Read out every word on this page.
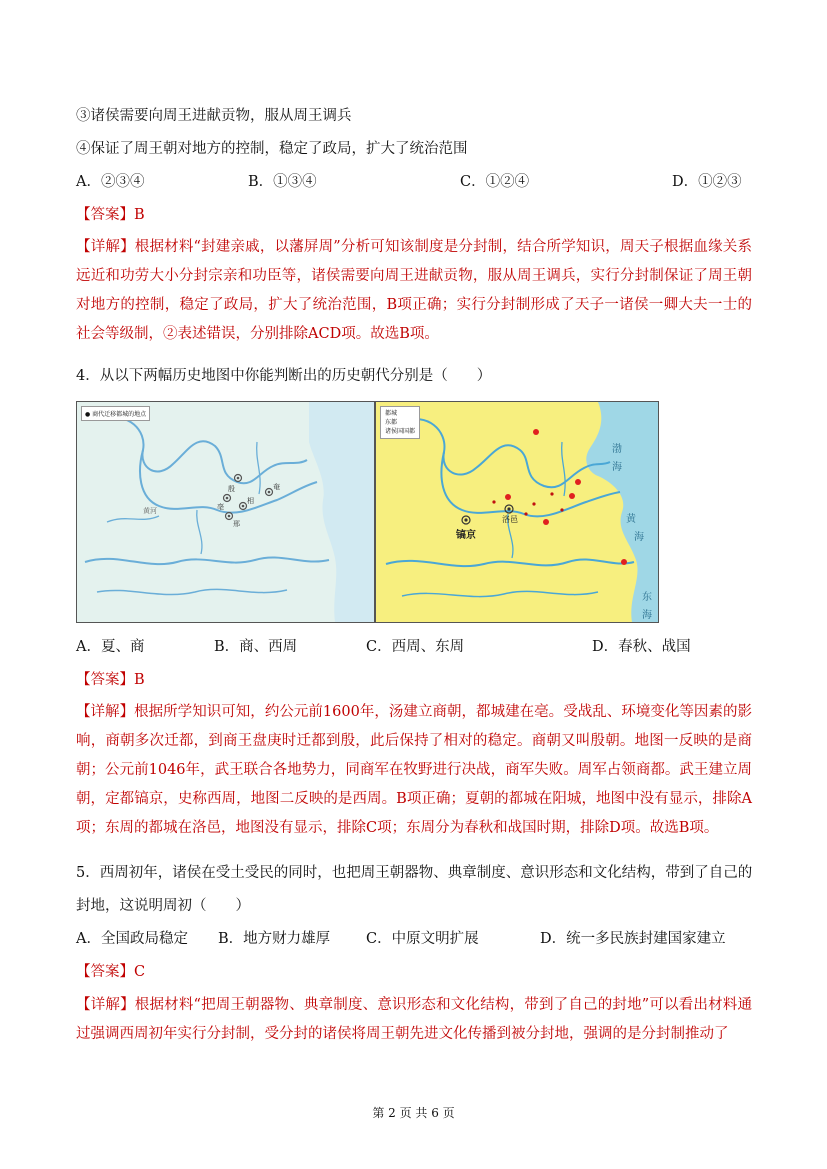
③诸侯需要向周王进献贡物，服从周王调兵
④保证了周王朝对地方的控制，稳定了政局，扩大了统治范围
A．②③④	B．①③④	C．①②④	D．①②③
【答案】B
【详解】根据材料“封建亲戚，以藩屏周”分析可知该制度是分封制，结合所学知识，周天子根据血缘关系远近和功劳大小分封宗亲和功臣等，诸侯需要向周王进献贡物，服从周王调兵，实行分封制保证了周王朝对地方的控制，稳定了政局，扩大了统治范围，B项正确；实行分封制形成了天子一诸侯一卿大夫一士的社会等级制，②表述错误，分别排除ACD项。故选B项。
4．从以下两幅历史地图中你能判断出的历史朝代分别是（　　）
● 商代迁移都城的地点
殷
亳
相
邢
奄
黄河
都城
东都
诸侯国国都
镐京
洛邑
渤
海
黄
海
东
海
A．夏、商	B．商、西周	C．西周、东周	D．春秋、战国
【答案】B
【详解】根据所学知识可知，约公元前1600年，汤建立商朝，都城建在亳。受战乱、环境变化等因素的影响，商朝多次迁都，到商王盘庚时迁都到殷，此后保持了相对的稳定。商朝又叫殷朝。地图一反映的是商朝；公元前1046年，武王联合各地势力，同商军在牧野进行决战，商军失败。周军占领商都。武王建立周朝，定都镐京，史称西周，地图二反映的是西周。B项正确；夏朝的都城在阳城，地图中没有显示，排除A项；东周的都城在洛邑，地图没有显示，排除C项；东周分为春秋和战国时期，排除D项。故选B项。
5．西周初年，诸侯在受土受民的同时，也把周王朝器物、典章制度、意识形态和文化结构，带到了自己的
封地，这说明周初（　　）
A．全国政局稳定 B．地方财力雄厚 C．中原文明扩展	D．统一多民族封建国家建立
【答案】C
【详解】根据材料“把周王朝器物、典章制度、意识形态和文化结构，带到了自己的封地”可以看出材料通过强调西周初年实行分封制，受分封的诸侯将周王朝先进文化传播到被分封地，强调的是分封制推动了
第 2 页 共 6 页
